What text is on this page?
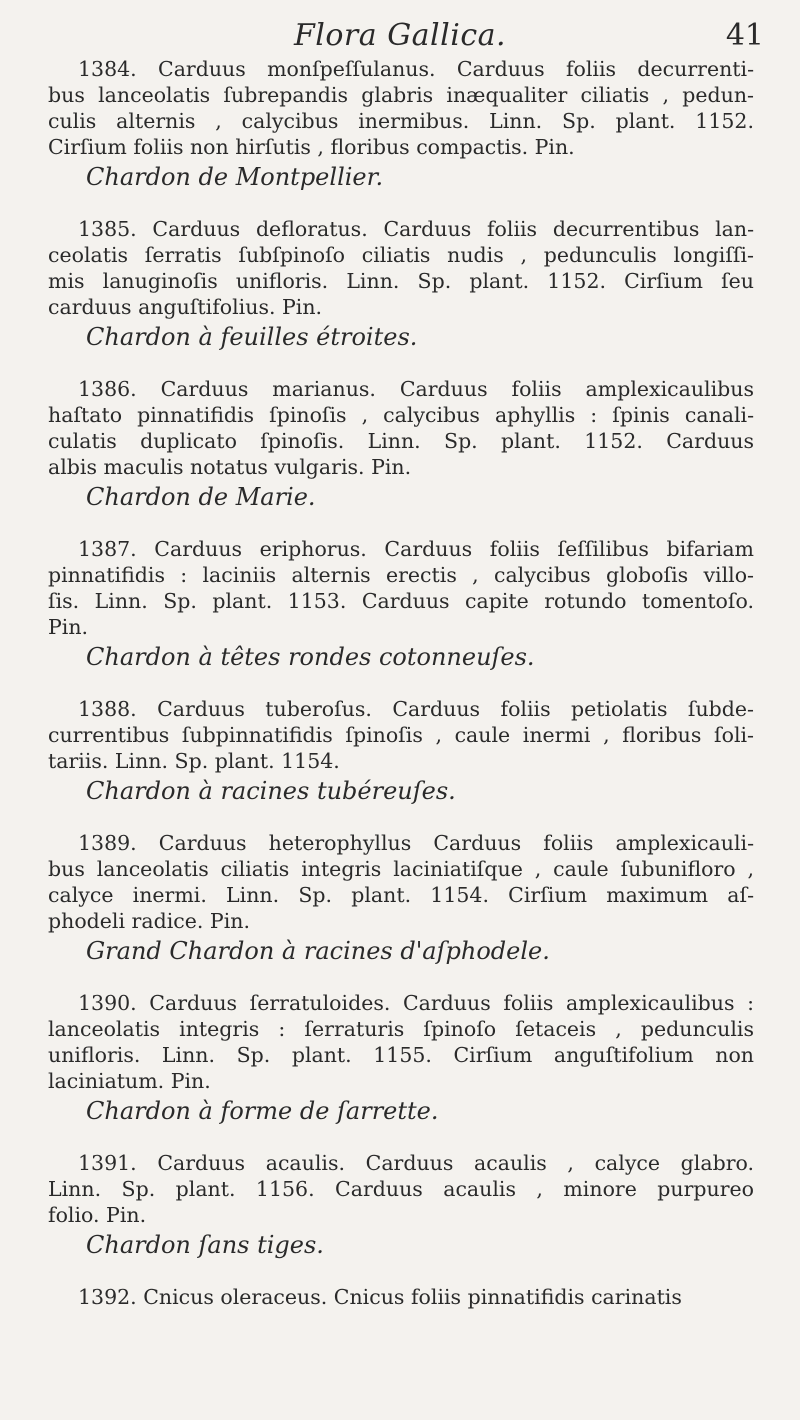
Flora Gallica.	41
1384. Carduus monſpeſſulanus. Carduus foliis decurrenti-
bus lanceolatis ſubrepandis glabris inæqualiter ciliatis , pedun-
culis alternis , calycibus inermibus. Linn. Sp. plant. 1152.
Cirſium foliis non hirſutis , floribus compactis. Pin.
Chardon de Montpellier.
1385. Carduus defloratus. Carduus foliis decurrentibus lan-
ceolatis ſerratis ſubſpinoſo ciliatis nudis , pedunculis longiſſi-
mis lanuginoſis unifloris. Linn. Sp. plant. 1152. Cirſium ſeu
carduus anguſtifolius. Pin.
Chardon à feuilles étroites.
1386. Carduus marianus. Carduus foliis amplexicaulibus
haſtato pinnatifidis ſpinoſis , calycibus aphyllis : ſpinis canali-
culatis duplicato ſpinoſis. Linn. Sp. plant. 1152. Carduus
albis maculis notatus vulgaris. Pin.
Chardon de Marie.
1387. Carduus eriphorus. Carduus foliis ſeſſilibus bifariam
pinnatifidis : laciniis alternis erectis , calycibus globoſis villo-
ſis. Linn. Sp. plant. 1153. Carduus capite rotundo tomentoſo.
Pin.
Chardon à têtes rondes cotonneuſes.
1388. Carduus tuberoſus. Carduus foliis petiolatis ſubde-
currentibus ſubpinnatifidis ſpinoſis , caule inermi , floribus ſoli-
tariis. Linn. Sp. plant. 1154.
Chardon à racines tubéreuſes.
1389. Carduus heterophyllus Carduus foliis amplexicauli-
bus lanceolatis ciliatis integris laciniatiſque , caule ſubunifloro ,
calyce inermi. Linn. Sp. plant. 1154. Cirſium maximum aſ-
phodeli radice. Pin.
Grand Chardon à racines d'aſphodele.
1390. Carduus ſerratuloides. Carduus foliis amplexicaulibus :
lanceolatis integris : ſerraturis ſpinoſo ſetaceis , pedunculis
unifloris. Linn. Sp. plant. 1155. Cirſium anguſtifolium non
laciniatum. Pin.
Chardon à forme de ſarrette.
1391. Carduus acaulis. Carduus acaulis , calyce glabro.
Linn. Sp. plant. 1156. Carduus acaulis , minore purpureo
folio. Pin.
Chardon ſans tiges.
1392. Cnicus oleraceus. Cnicus foliis pinnatifidis carinatis
